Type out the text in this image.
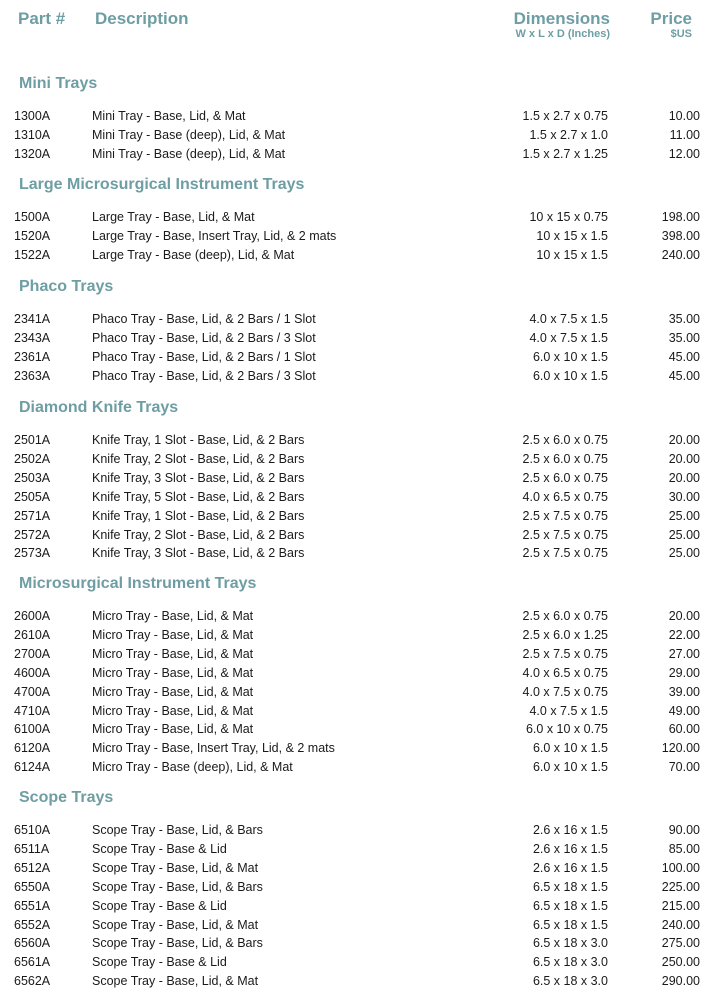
Part # Description	Dimensions
W x L x D (Inches)
Price
$US
Mini Trays
1300A	Mini Tray - Base, Lid, & Mat	1.5 x 2.7 x 0.75	10.00
1310A	Mini Tray - Base (deep), Lid, & Mat	1.5 x 2.7 x 1.0	11.00
1320A	Mini Tray - Base (deep), Lid, & Mat	1.5 x 2.7 x 1.25	12.00
Large Microsurgical Instrument Trays
1500A	Large Tray - Base, Lid, & Mat	10 x 15 x 0.75	198.00
1520A	Large Tray - Base, Insert Tray, Lid, & 2 mats	10 x 15 x 1.5	398.00
1522A	Large Tray - Base (deep), Lid, & Mat	10 x 15 x 1.5	240.00
Phaco Trays
2341A	Phaco Tray - Base, Lid, & 2 Bars / 1 Slot	4.0 x 7.5 x 1.5	35.00
2343A	Phaco Tray - Base, Lid, & 2 Bars / 3 Slot	4.0 x 7.5 x 1.5	35.00
2361A	Phaco Tray - Base, Lid, & 2 Bars / 1 Slot	6.0 x 10 x 1.5	45.00
2363A	Phaco Tray - Base, Lid, & 2 Bars / 3 Slot	6.0 x 10 x 1.5	45.00
Diamond Knife Trays
2501A	Knife Tray, 1 Slot - Base, Lid, & 2 Bars	2.5 x 6.0 x 0.75	20.00
2502A	Knife Tray, 2 Slot - Base, Lid, & 2 Bars	2.5 x 6.0 x 0.75	20.00
2503A	Knife Tray, 3 Slot - Base, Lid, & 2 Bars	2.5 x 6.0 x 0.75	20.00
2505A	Knife Tray, 5 Slot - Base, Lid, & 2 Bars	4.0 x 6.5 x 0.75	30.00
2571A	Knife Tray, 1 Slot - Base, Lid, & 2 Bars	2.5 x 7.5 x 0.75	25.00
2572A	Knife Tray, 2 Slot - Base, Lid, & 2 Bars	2.5 x 7.5 x 0.75	25.00
2573A	Knife Tray, 3 Slot - Base, Lid, & 2 Bars	2.5 x 7.5 x 0.75	25.00
Microsurgical Instrument Trays
2600A	Micro Tray - Base, Lid, & Mat	2.5 x 6.0 x 0.75	20.00
2610A	Micro Tray - Base, Lid, & Mat	2.5 x 6.0 x 1.25	22.00
2700A	Micro Tray - Base, Lid, & Mat	2.5 x 7.5 x 0.75	27.00
4600A	Micro Tray - Base, Lid, & Mat	4.0 x 6.5 x 0.75	29.00
4700A	Micro Tray - Base, Lid, & Mat	4.0 x 7.5 x 0.75	39.00
4710A	Micro Tray - Base, Lid, & Mat	4.0 x 7.5 x 1.5	49.00
6100A	Micro Tray - Base, Lid, & Mat	6.0 x 10 x 0.75	60.00
6120A	Micro Tray - Base, Insert Tray, Lid, & 2 mats	6.0 x 10 x 1.5	120.00
6124A	Micro Tray - Base (deep), Lid, & Mat	6.0 x 10 x 1.5	70.00
Scope Trays
6510A	Scope Tray - Base, Lid, & Bars	2.6 x 16 x 1.5	90.00
6511A	Scope Tray - Base & Lid	2.6 x 16 x 1.5	85.00
6512A	Scope Tray - Base, Lid, & Mat	2.6 x 16 x 1.5	100.00
6550A	Scope Tray - Base, Lid, & Bars	6.5 x 18 x 1.5	225.00
6551A	Scope Tray - Base & Lid	6.5 x 18 x 1.5	215.00
6552A	Scope Tray - Base, Lid, & Mat	6.5 x 18 x 1.5	240.00
6560A	Scope Tray - Base, Lid, & Bars	6.5 x 18 x 3.0	275.00
6561A	Scope Tray - Base & Lid	6.5 x 18 x 3.0	250.00
6562A	Scope Tray - Base, Lid, & Mat	6.5 x 18 x 3.0	290.00
